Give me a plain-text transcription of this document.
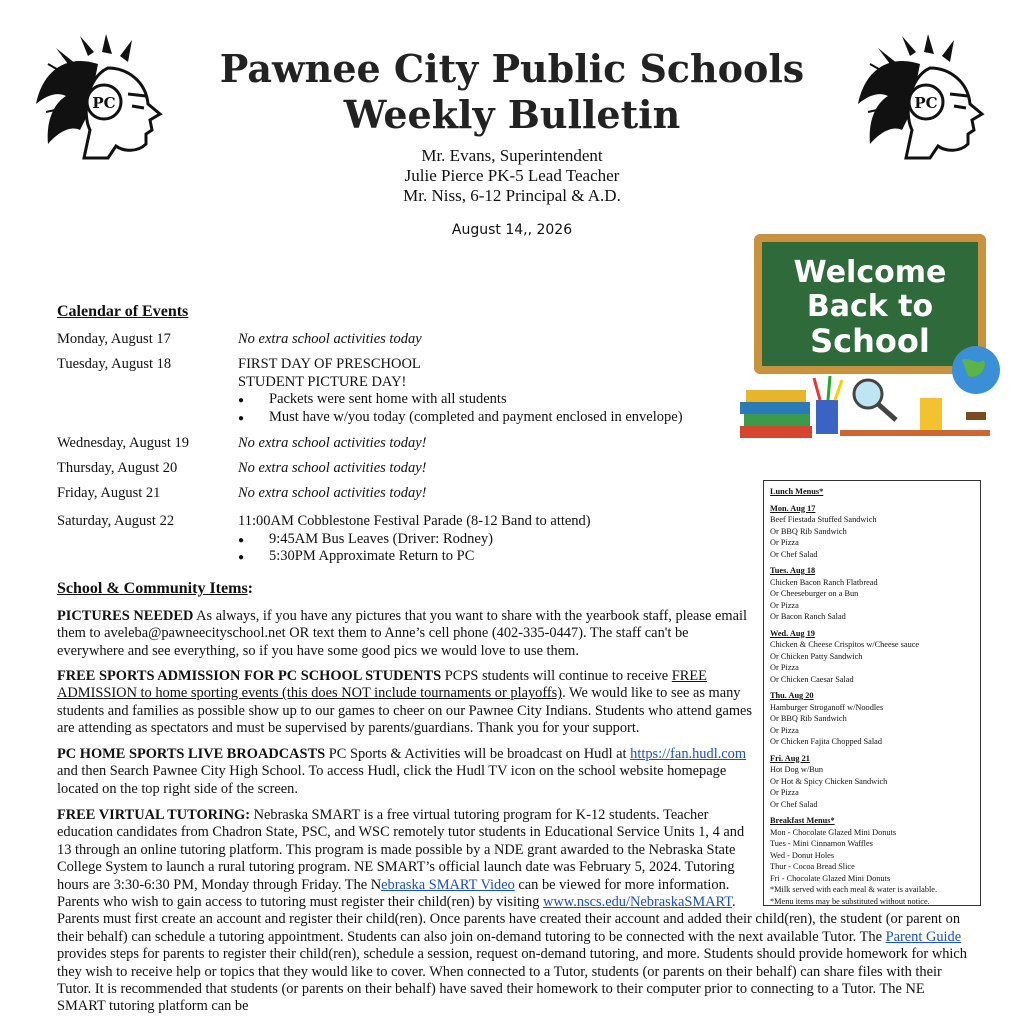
PC	PC
Pawnee City Public Schools
Weekly Bulletin
Mr. Evans, Superintendent
Julie Pierce PK-5 Lead Teacher
Mr. Niss, 6-12 Principal & A.D.
August 14,, 2026
Welcome
Back to
School
Calendar of Events
Monday, August 17	No extra school activities today
Tuesday, August 18	FIRST DAY OF PRESCHOOL
STUDENT PICTURE DAY!
● Packets were sent home with all students
● Must have w/you today (completed and payment enclosed in envelope)
Wednesday, August 19	No extra school activities today!
Thursday, August 20	No extra school activities today!
Friday, August 21	No extra school activities today!
Saturday, August 22	11:00AM Cobblestone Festival Parade (8-12 Band to attend)
● 9:45AM Bus Leaves (Driver: Rodney)
● 5:30PM Approximate Return to PC
School & Community Items:
PICTURES NEEDED As always, if you have any pictures that you want to share with the yearbook staff, please email them to aveleba@pawneecityschool.net OR text them to Anne’s cell phone (402-335-0447). The staff can't be everywhere and see everything, so if you have some good pics we would love to use them.
FREE SPORTS ADMISSION FOR PC SCHOOL STUDENTS PCPS students will continue to receive FREE ADMISSION to home sporting events (this does NOT include tournaments or playoffs). We would like to see as many students and families as possible show up to our games to cheer on our Pawnee City Indians. Students who attend games are attending as spectators and must be supervised by parents/guardians. Thank you for your support.
PC HOME SPORTS LIVE BROADCASTS PC Sports & Activities will be broadcast on Hudl at https://fan.hudl.com and then Search Pawnee City High School. To access Hudl, click the Hudl TV icon on the school website homepage located on the top right side of the screen.
FREE VIRTUAL TUTORING: Nebraska SMART is a free virtual tutoring program for K-12 students. Teacher education candidates from Chadron State, PSC, and WSC remotely tutor students in Educational Service Units 1, 4 and 13 through an online tutoring platform. This program is made possible by a NDE grant awarded to the Nebraska State College System to launch a rural tutoring program. NE SMART’s official launch date was February 5, 2024. Tutoring hours are 3:30-6:30 PM, Monday through Friday. The Nebraska SMART Video can be viewed for more information. Parents who wish to gain access to tutoring must register their child(ren) by visiting www.nscs.edu/NebraskaSMART. Parents must first create an account and register their child(ren). Once parents have created their account and added their child(ren), the student (or parent on their behalf) can schedule a tutoring appointment. Students can also join on-demand tutoring to be connected with the next available Tutor. The Parent Guide provides steps for parents to register their child(ren), schedule a session, request on-demand tutoring, and more. Students should provide homework for which they wish to receive help or topics that they would like to cover. When connected to a Tutor, students (or parents on their behalf) can share files with their Tutor. It is recommended that students (or parents on their behalf) have saved their homework to their computer prior to connecting to a Tutor. The NE SMART tutoring platform can be
Lunch Menus*
Mon. Aug 17
Beef Fiestada Stuffed Sandwich
Or BBQ Rib Sandwich
Or Pizza
Or Chef Salad
Tues. Aug 18
Chicken Bacon Ranch Flatbread
Or Cheeseburger on a Bun
Or Pizza
Or Bacon Ranch Salad
Wed. Aug 19
Chicken & Cheese Crispitos w/Cheese sauce
Or Chicken Patty Sandwich
Or Pizza
Or Chicken Caesar Salad
Thu. Aug 20
Hamburger Stroganoff w/Noodles
Or BBQ Rib Sandwich
Or Pizza
Or Chicken Fajita Chopped Salad
Fri. Aug 21
Hot Dog w/Bun
Or Hot & Spicy Chicken Sandwich
Or Pizza
Or Chef Salad
Breakfast Menus*
Mon - Chocolate Glazed Mini Donuts
Tues - Mini Cinnamon Waffles
Wed - Donut Holes
Thur - Cocoa Bread Slice
Fri - Chocolate Glazed Mini Donuts
*Milk served with each meal & water is available.
*Menu items may be substituted without notice.
